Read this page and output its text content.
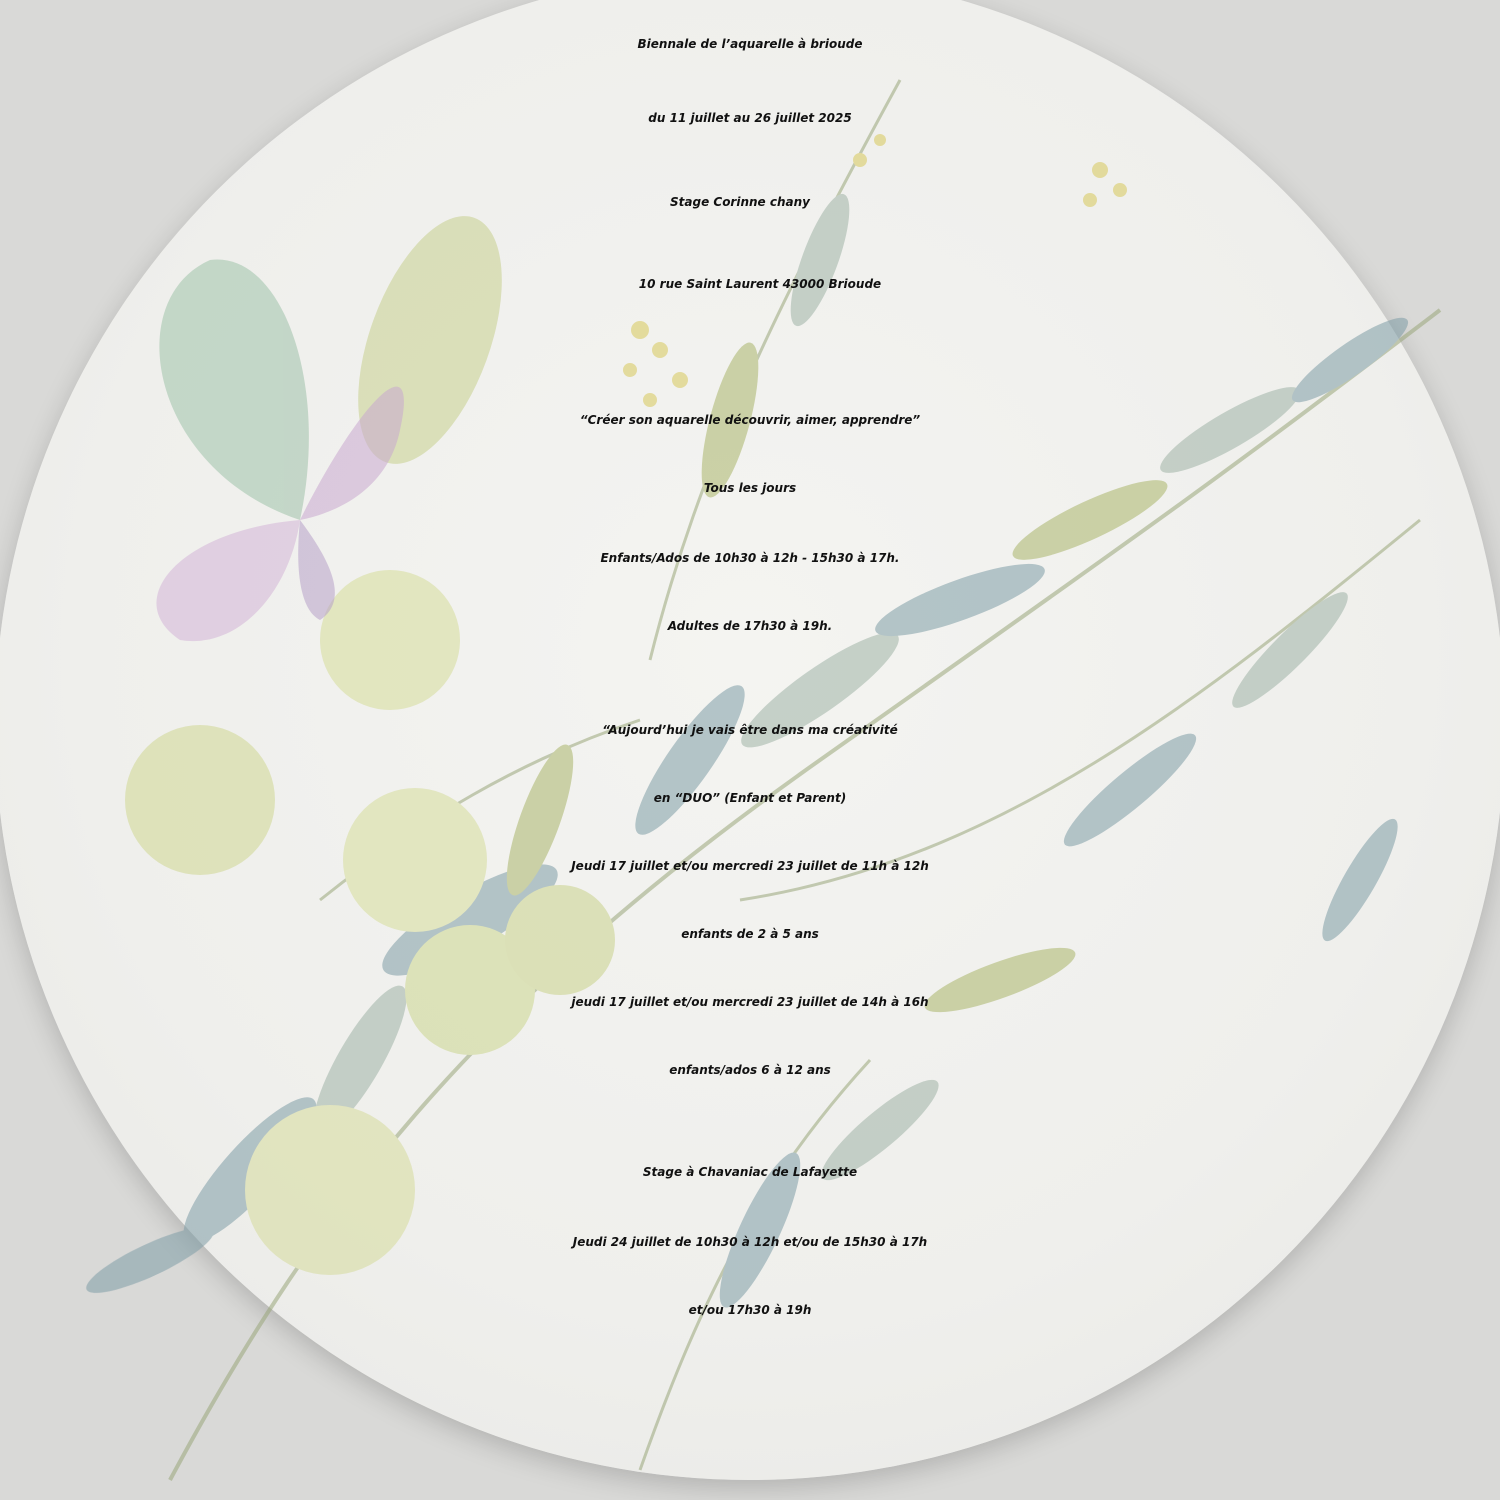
Biennale de l’aquarelle à brioude

du 11 juillet au 26 juillet 2025

Stage Corinne chany

10 rue Saint Laurent 43000 Brioude

“Créer son aquarelle découvrir, aimer, apprendre”

Tous les jours

Enfants/Ados de 10h30 à 12h - 15h30 à 17h.

Adultes de 17h30 à 19h.

“Aujourd’hui je vais être dans ma créativité

en “DUO” (Enfant et Parent)

Jeudi 17 juillet et/ou mercredi 23 juillet de 11h à 12h

enfants de 2 à 5 ans

jeudi 17 juillet et/ou mercredi 23 juillet de 14h à 16h

enfants/ados 6 à 12 ans

Stage à Chavaniac de Lafayette

Jeudi 24 juillet de 10h30 à 12h et/ou de 15h30 à 17h

et/ou 17h30 à 19h
